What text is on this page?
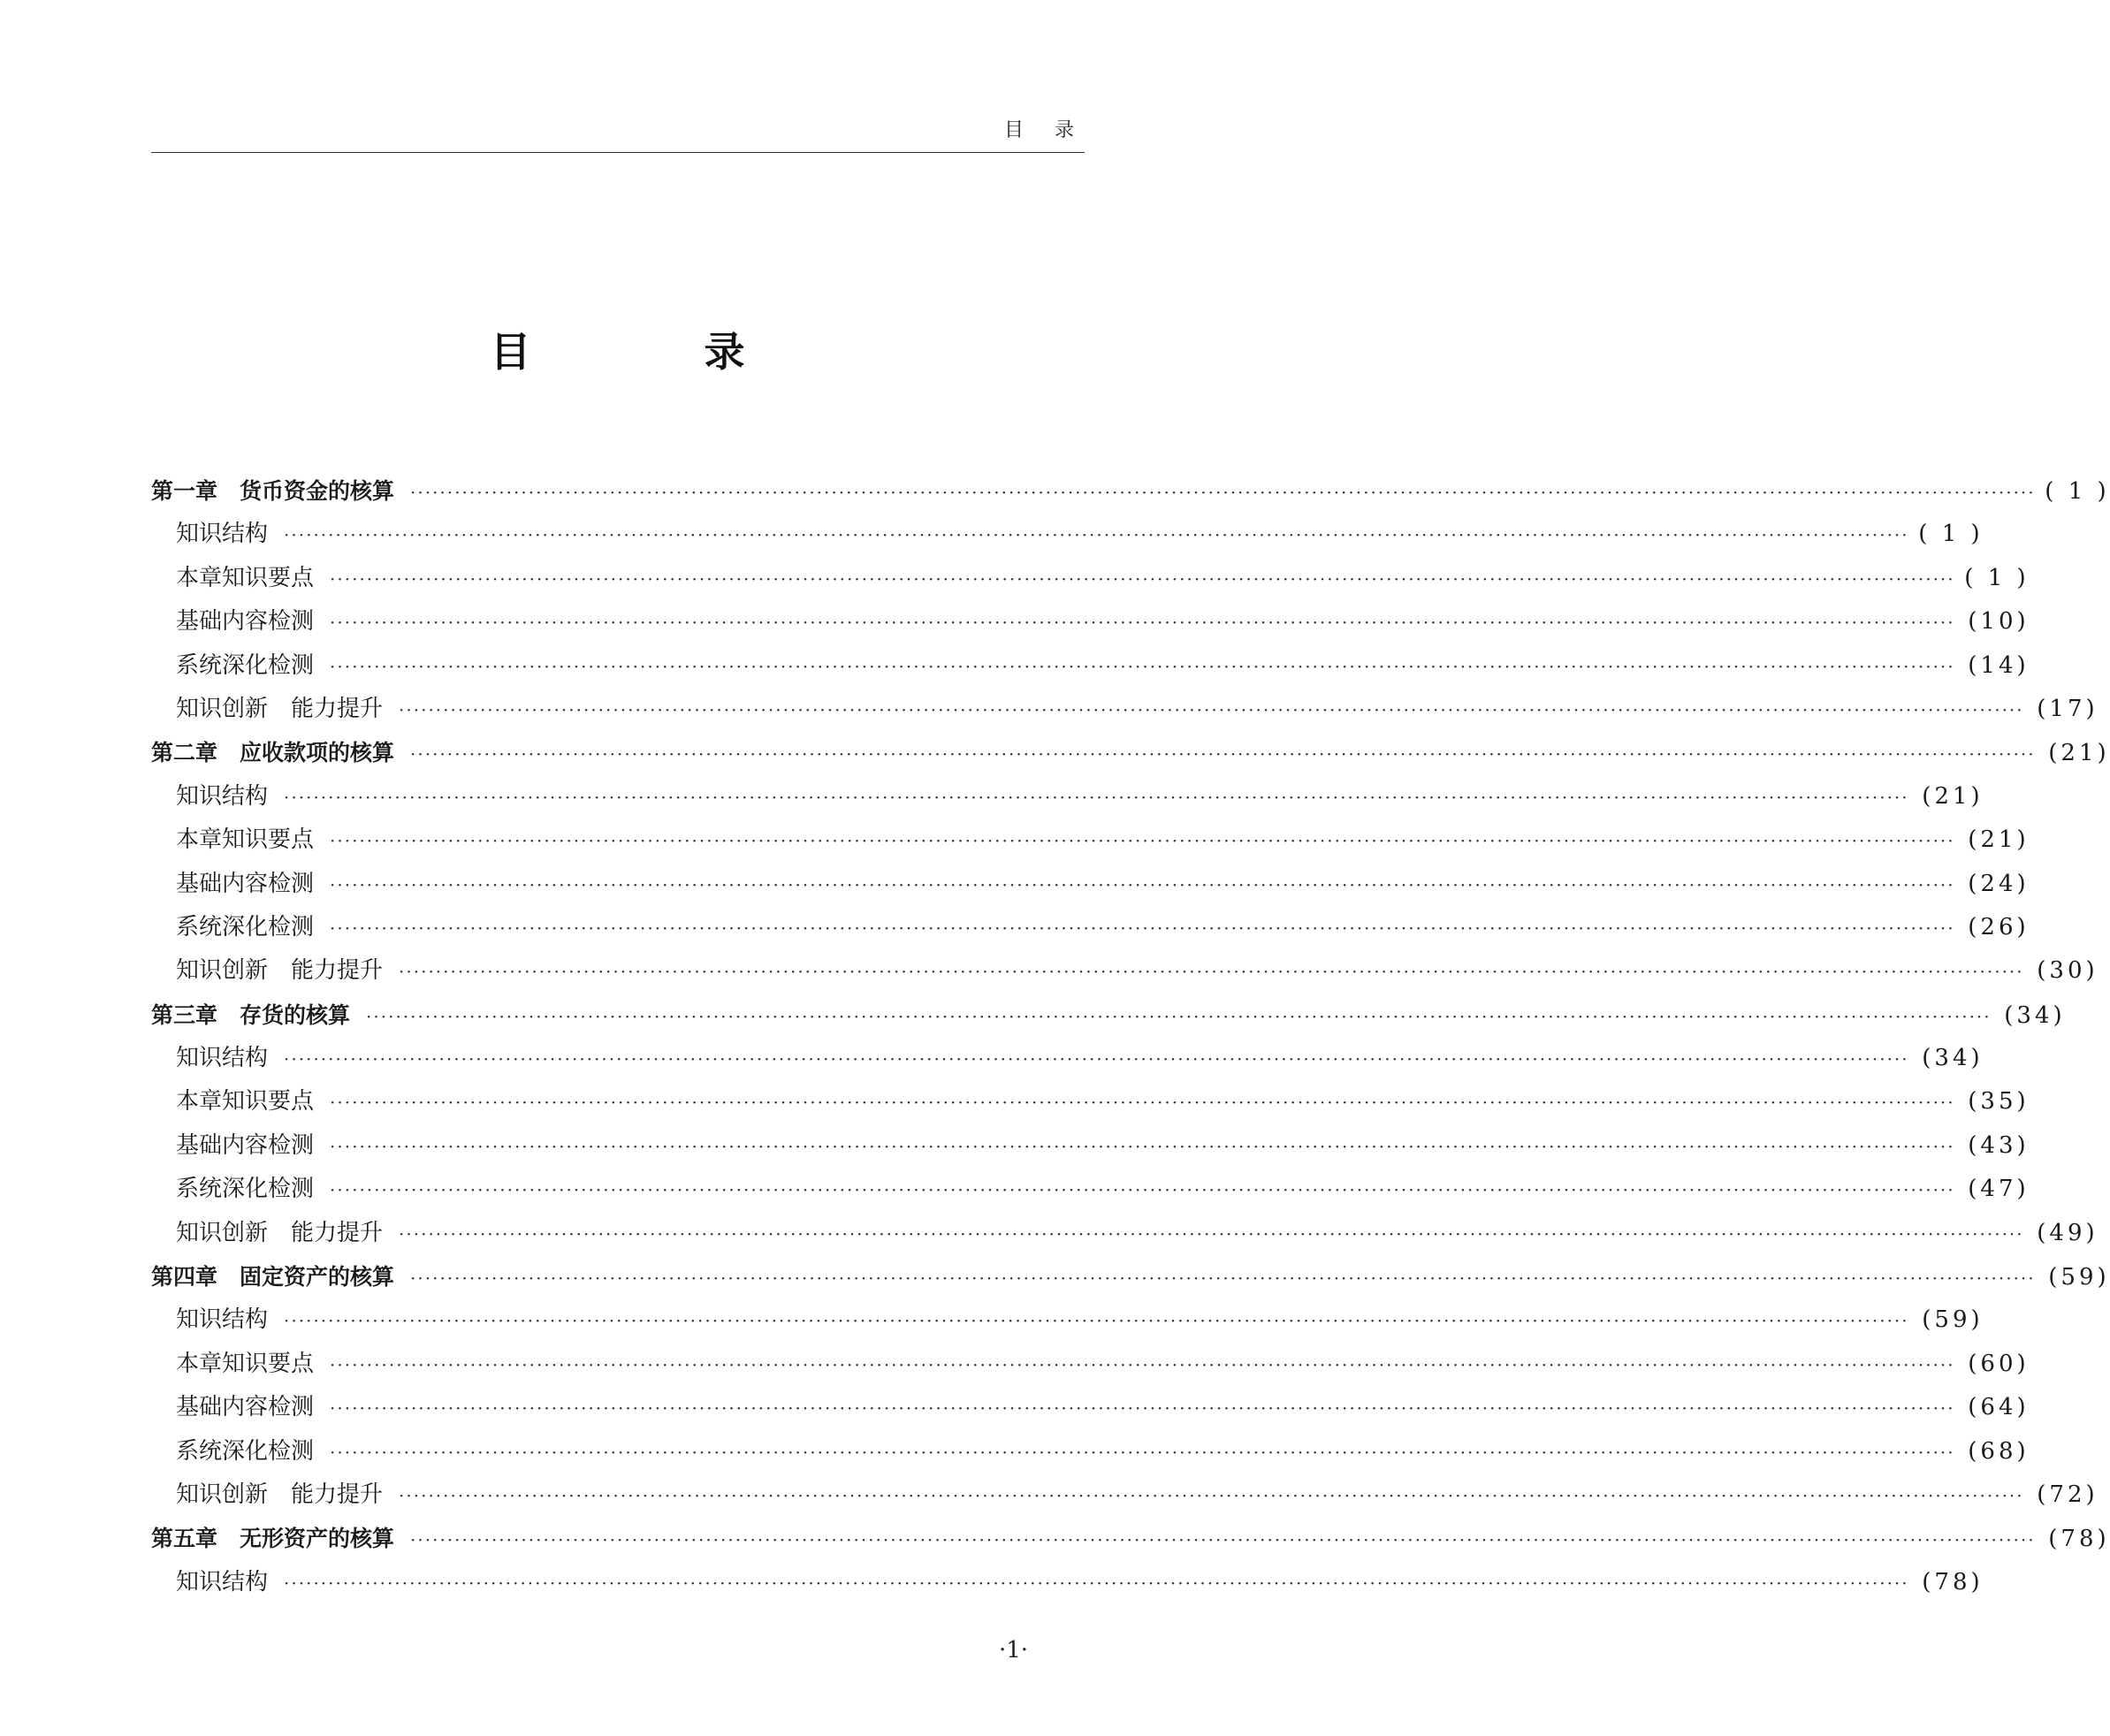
目 录
目 录
第一章　货币资金的核算 ···························································································································································································································· ( 1 )
知识结构 ···························································································································································································································· ( 1 )
本章知识要点 ···························································································································································································································· ( 1 )
基础内容检测 ···························································································································································································································· (10)
系统深化检测 ···························································································································································································································· (14)
知识创新　能力提升 ···························································································································································································································· (17)
第二章　应收款项的核算 ···························································································································································································································· (21)
知识结构 ···························································································································································································································· (21)
本章知识要点 ···························································································································································································································· (21)
基础内容检测 ···························································································································································································································· (24)
系统深化检测 ···························································································································································································································· (26)
知识创新　能力提升 ···························································································································································································································· (30)
第三章　存货的核算 ···························································································································································································································· (34)
知识结构 ···························································································································································································································· (34)
本章知识要点 ···························································································································································································································· (35)
基础内容检测 ···························································································································································································································· (43)
系统深化检测 ···························································································································································································································· (47)
知识创新　能力提升 ···························································································································································································································· (49)
第四章　固定资产的核算 ···························································································································································································································· (59)
知识结构 ···························································································································································································································· (59)
本章知识要点 ···························································································································································································································· (60)
基础内容检测 ···························································································································································································································· (64)
系统深化检测 ···························································································································································································································· (68)
知识创新　能力提升 ···························································································································································································································· (72)
第五章　无形资产的核算 ···························································································································································································································· (78)
知识结构 ···························································································································································································································· (78)
·1·
